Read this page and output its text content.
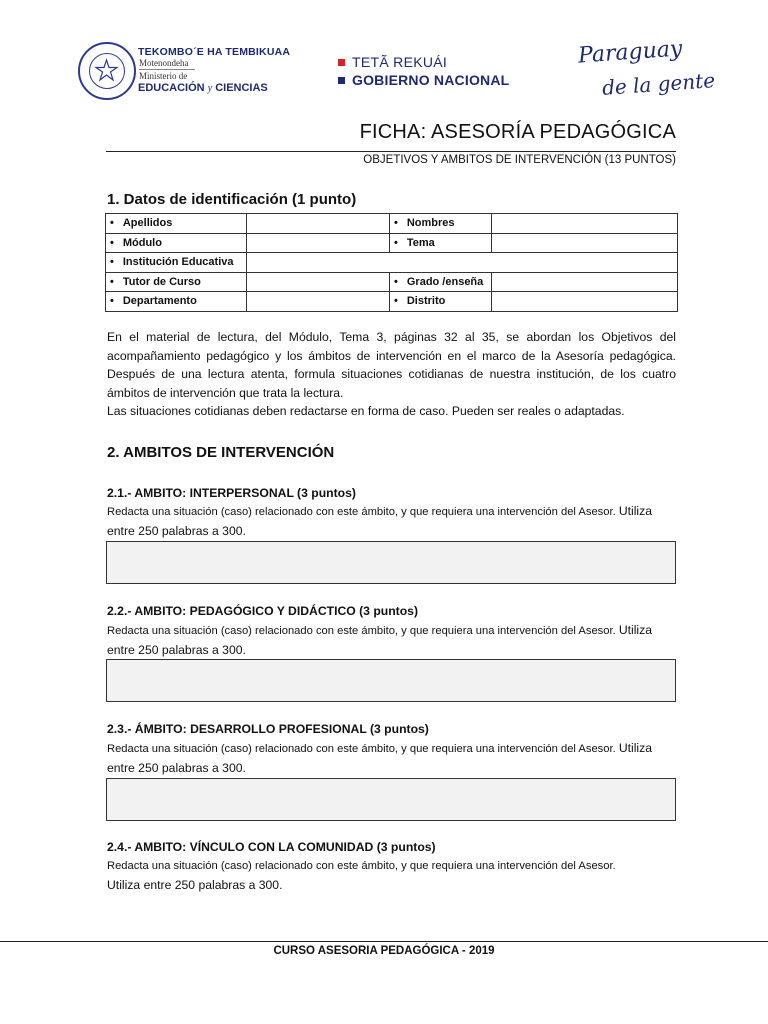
TEKOMBO´E HA TEMBIKUAA
Motenondeha
Ministerio de
EDUCACIÓN y CIENCIAS
TETÃ REKUÁI
GOBIERNO NACIONAL
Paraguay
de la gente
FICHA: ASESORÍA PEDAGÓGICA
OBJETIVOS Y AMBITOS DE INTERVENCIÓN (13 PUNTOS)
1. Datos de identificación (1 punto)
• Apellidos		• Nombres	
• Módulo		• Tema	
• Institución Educativa	
• Tutor de Curso		• Grado /enseña	
• Departamento		• Distrito	

En el material de lectura, del Módulo, Tema 3, páginas 32 al 35, se abordan los Objetivos del acompañamiento pedagógico y los ámbitos de intervención en el marco de la Asesoría pedagógica. Después de una lectura atenta, formula situaciones cotidianas de nuestra institución, de los cuatro ámbitos de intervención que trata la lectura.

Las situaciones cotidianas deben redactarse en forma de caso. Pueden ser reales o adaptadas.

2. AMBITOS DE INTERVENCIÓN
2.1.- AMBITO: INTERPERSONAL (3 puntos)
Redacta una situación (caso) relacionado con este ámbito, y que requiera una intervención del Asesor. Utiliza
entre 250 palabras a 300.
2.2.- AMBITO: PEDAGÓGICO Y DIDÁCTICO (3 puntos)
Redacta una situación (caso) relacionado con este ámbito, y que requiera una intervención del Asesor. Utiliza
entre 250 palabras a 300.
2.3.- ÁMBITO: DESARROLLO PROFESIONAL (3 puntos)
Redacta una situación (caso) relacionado con este ámbito, y que requiera una intervención del Asesor. Utiliza
entre 250 palabras a 300.
2.4.- AMBITO: VÍNCULO CON LA COMUNIDAD (3 puntos)
Redacta una situación (caso) relacionado con este ámbito, y que requiera una intervención del Asesor.
Utiliza entre 250 palabras a 300.
CURSO ASESORIA PEDAGÓGICA - 2019
